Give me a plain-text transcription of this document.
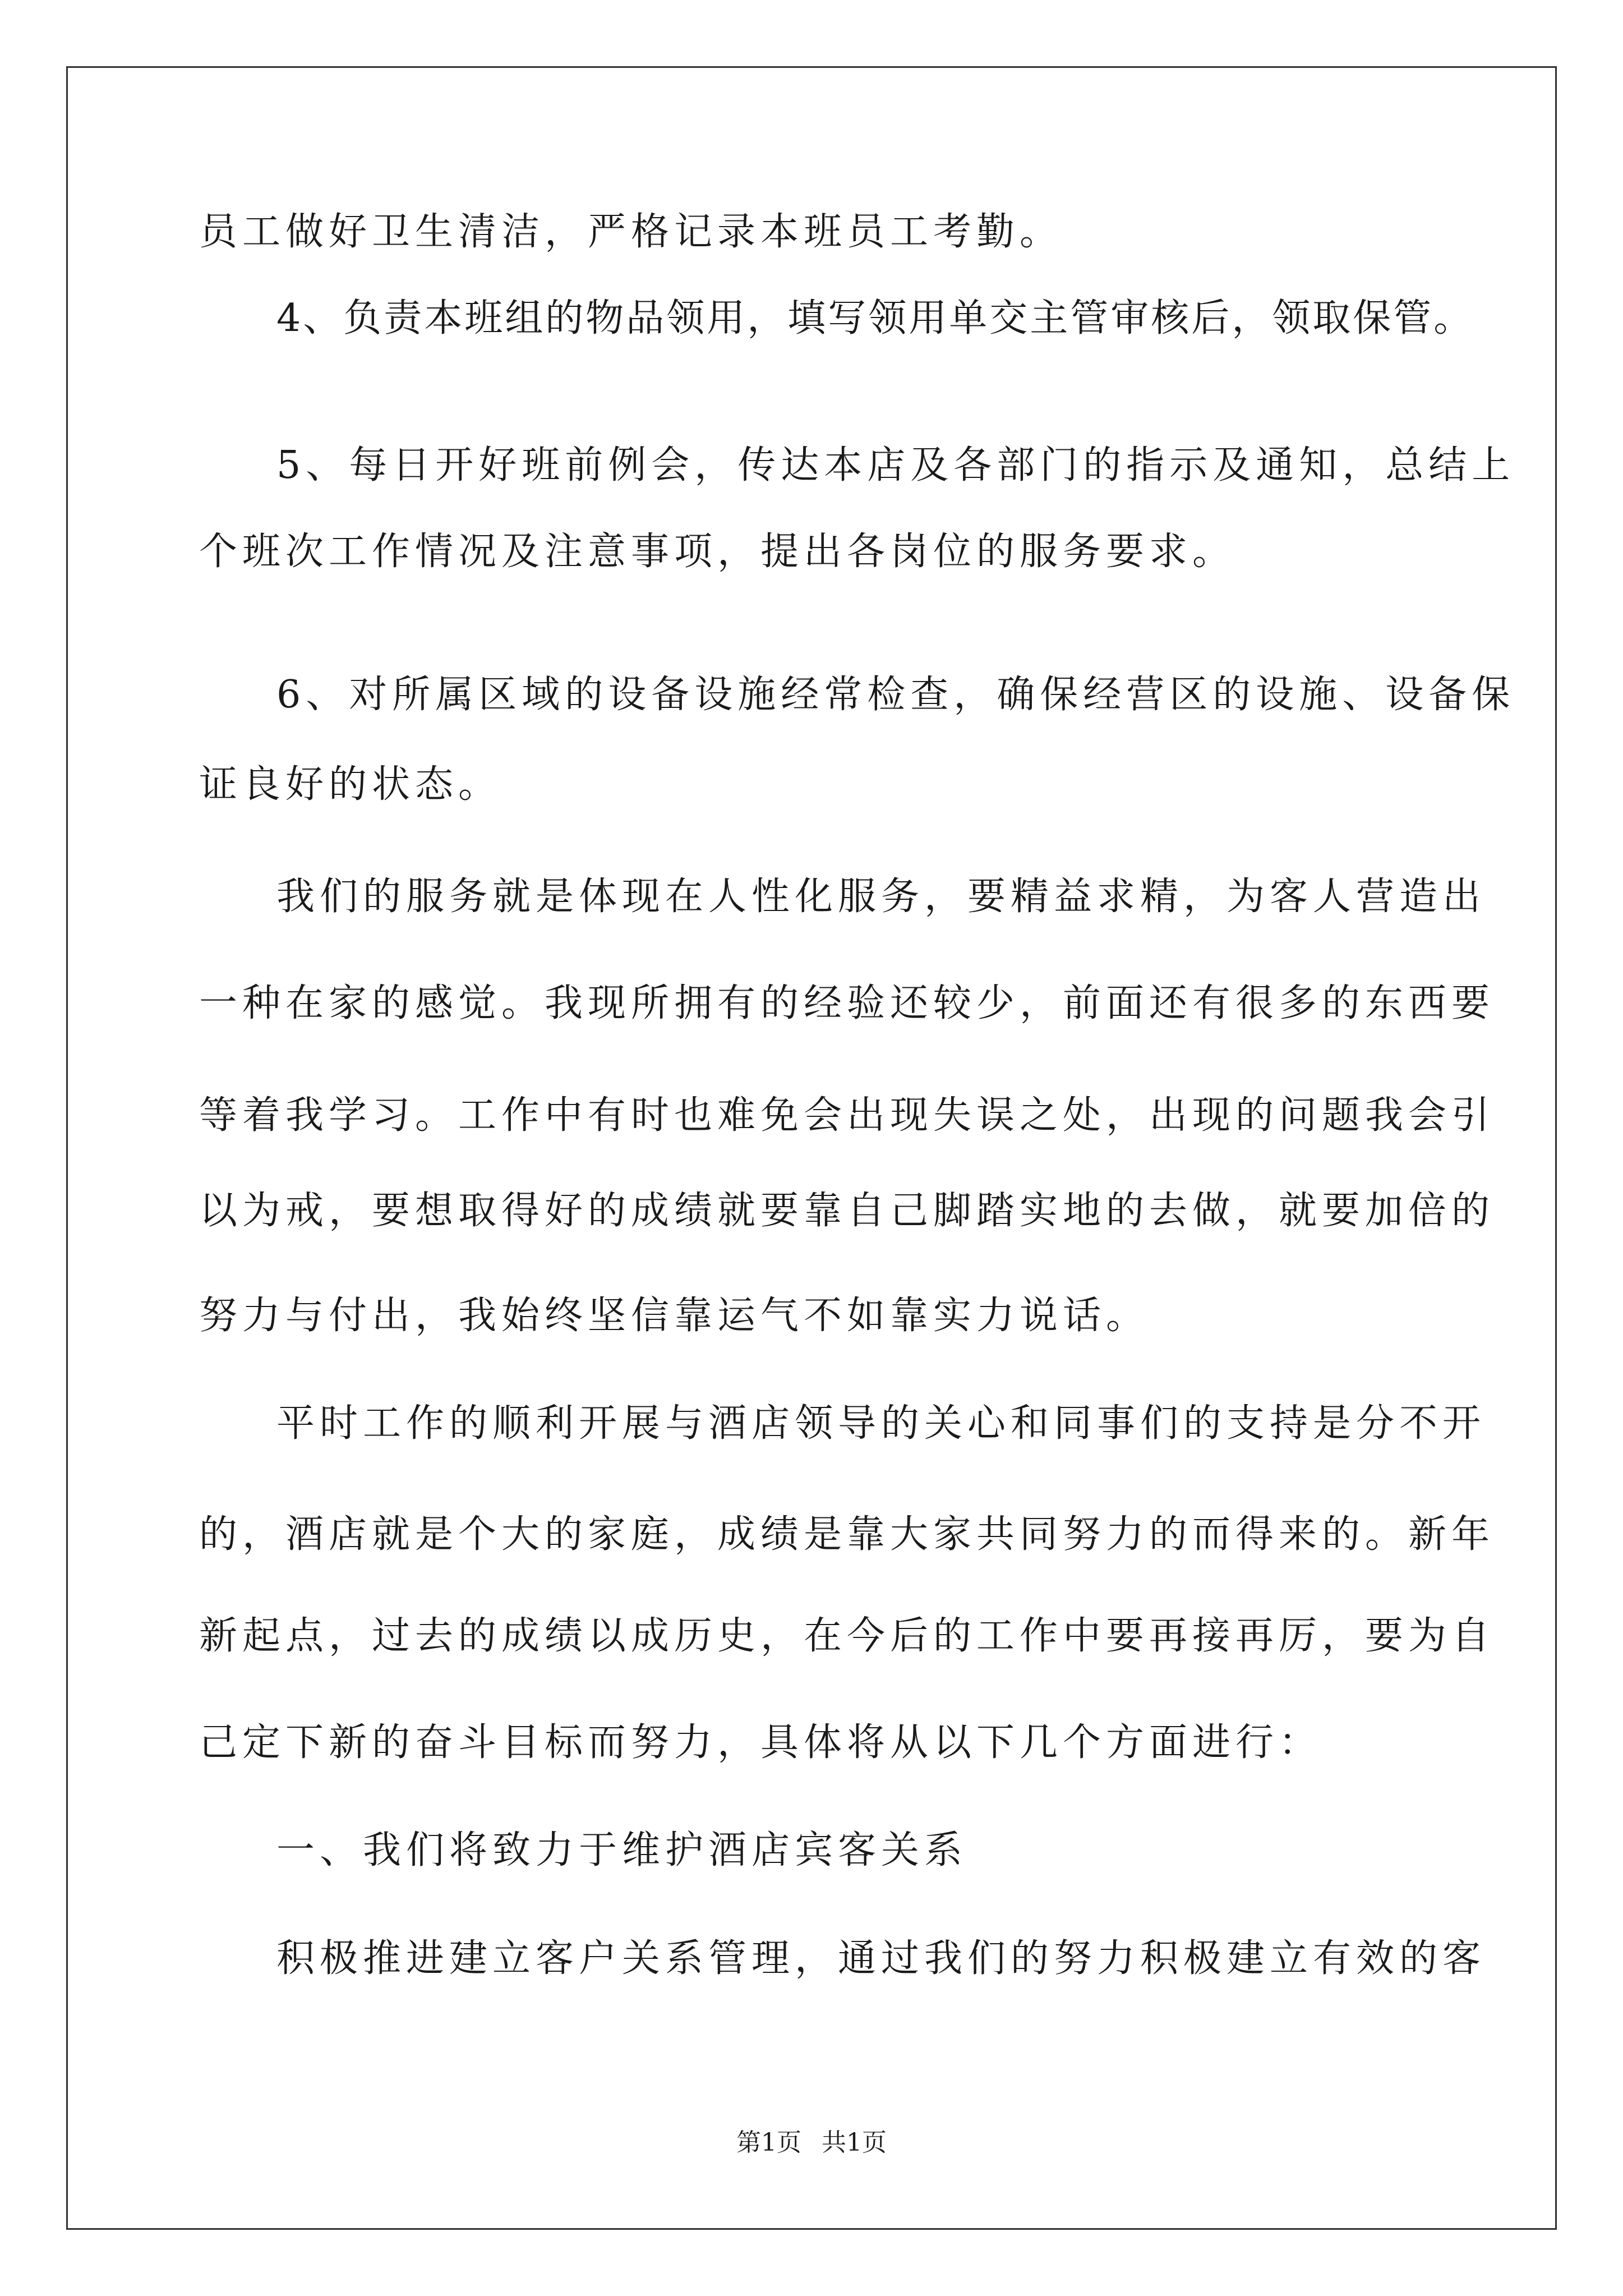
员工做好卫生清洁，严格记录本班员工考勤。
4、负责本班组的物品领用，填写领用单交主管审核后，领取保管。
5、每日开好班前例会，传达本店及各部门的指示及通知，总结上
个班次工作情况及注意事项，提出各岗位的服务要求。
6、对所属区域的设备设施经常检查，确保经营区的设施、设备保
证良好的状态。
我们的服务就是体现在人性化服务，要精益求精，为客人营造出
一种在家的感觉。我现所拥有的经验还较少，前面还有很多的东西要
等着我学习。工作中有时也难免会出现失误之处，出现的问题我会引
以为戒，要想取得好的成绩就要靠自己脚踏实地的去做，就要加倍的
努力与付出，我始终坚信靠运气不如靠实力说话。
平时工作的顺利开展与酒店领导的关心和同事们的支持是分不开
的，酒店就是个大的家庭，成绩是靠大家共同努力的而得来的。新年
新起点，过去的成绩以成历史，在今后的工作中要再接再厉，要为自
己定下新的奋斗目标而努力，具体将从以下几个方面进行：
一、我们将致力于维护酒店宾客关系
积极推进建立客户关系管理，通过我们的努力积极建立有效的客
第1页 共1页
